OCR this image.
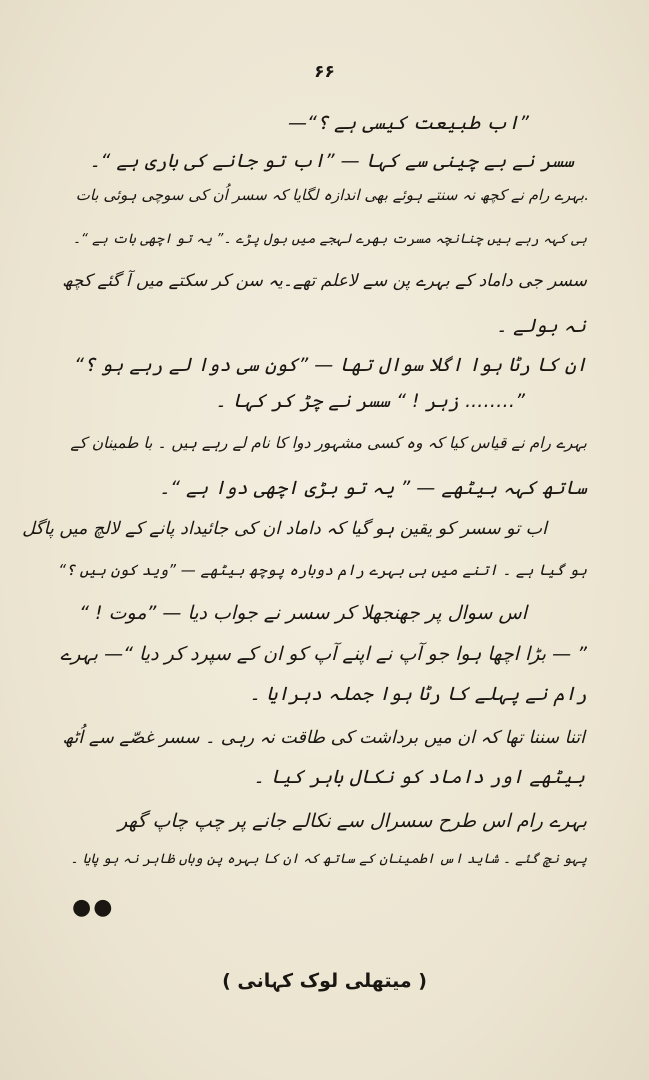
۶۶
”اب طبیعت کیسی ہے ؟“—
سسر نے بے چینی سے کہا — ”اب تو جانے کی باری ہے “۔
.بہرے رام نے کچھ نہ سنتے ہوئے بھی اندازہ لگایا کہ سسر اُن کی سوچی ہوئی بات
ہی کہہ رہے ہیں چنانچہ مسرت بھرے لہجے میں بول پڑے ۔” یہ تو اچھی بات ہے “۔
سسر جی داماد کے بہرے پن سے لاعلم تھے۔یہ سن کر سکتے میں آ گئے کچھ
نہ بولے ۔
ان کا رٹا ہوا اگلا سوال تھا — ”کون سی دوا لے رہے ہو ؟“
”…….. زہر ! “ سسر نے چڑ کر کہا ۔
بہرے رام نے قیاس کیا کہ وہ کسی مشہور دوا کا نام لے رہے ہیں ۔ با طمینان کے
ساتھ کہہ بیٹھے — ” یہ تو بڑی اچھی دوا ہے “۔
اب تو سسر کو یقین ہو گیا کہ داماد ان کی جائیداد پانے کے لالچ میں پاگل
ہو گیا ہے ۔ اتنے میں ہی بہرے رام دوبارہ پوچھ بیٹھے — ”وید کون ہیں ؟“
اس سوال پر جھنجھلا کر سسر نے جواب دیا — ”موت ! “
” — بڑا اچھا ہوا جو آپ نے اپنے آپ کو ان کے سپرد کر دیا “— بہرے
رام نے پہلے کا رٹا ہوا جملہ دہرایا ۔
اتنا سننا تھا کہ ان میں برداشت کی طاقت نہ رہی ۔ سسر غصّے سے اُٹھ
بیٹھے اور داماد کو نکال باہر کیا ۔
بہرے رام اس طرح سسرال سے نکالے جانے پر چپ چاپ گھر
پہو نچ گئے ۔ شاید اس اطمینان کے ساتھ کہ ان کا بہرہ پن وہاں ظاہر نہ ہو پایا ۔
●●
( میتھلی لوک کہانی )
